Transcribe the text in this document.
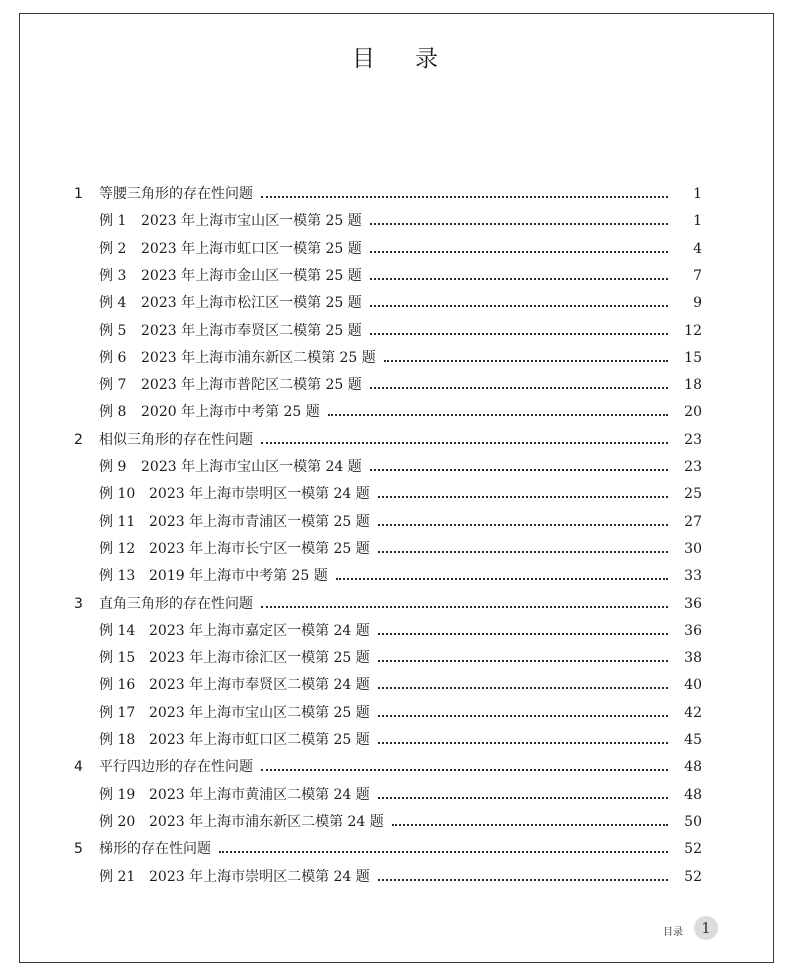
目 录
1	等腰三角形的存在性问题	1
例 1	2023 年上海市宝山区一模第 25 题	1
例 2	2023 年上海市虹口区一模第 25 题	4
例 3	2023 年上海市金山区一模第 25 题	7
例 4	2023 年上海市松江区一模第 25 题	9
例 5	2023 年上海市奉贤区二模第 25 题	12
例 6	2023 年上海市浦东新区二模第 25 题	15
例 7	2023 年上海市普陀区二模第 25 题	18
例 8	2020 年上海市中考第 25 题	20
2	相似三角形的存在性问题	23
例 9	2023 年上海市宝山区一模第 24 题	23
例 10 2023 年上海市崇明区一模第 24 题	25
例 11 2023 年上海市青浦区一模第 25 题	27
例 12 2023 年上海市长宁区一模第 25 题	30
例 13 2019 年上海市中考第 25 题	33
3	直角三角形的存在性问题	36
例 14 2023 年上海市嘉定区一模第 24 题	36
例 15 2023 年上海市徐汇区一模第 25 题	38
例 16 2023 年上海市奉贤区二模第 24 题	40
例 17 2023 年上海市宝山区二模第 25 题	42
例 18 2023 年上海市虹口区二模第 25 题	45
4	平行四边形的存在性问题	48
例 19 2023 年上海市黄浦区二模第 24 题	48
例 20 2023 年上海市浦东新区二模第 24 题	50
5	梯形的存在性问题	52
例 21 2023 年上海市崇明区二模第 24 题	52
目录	1
